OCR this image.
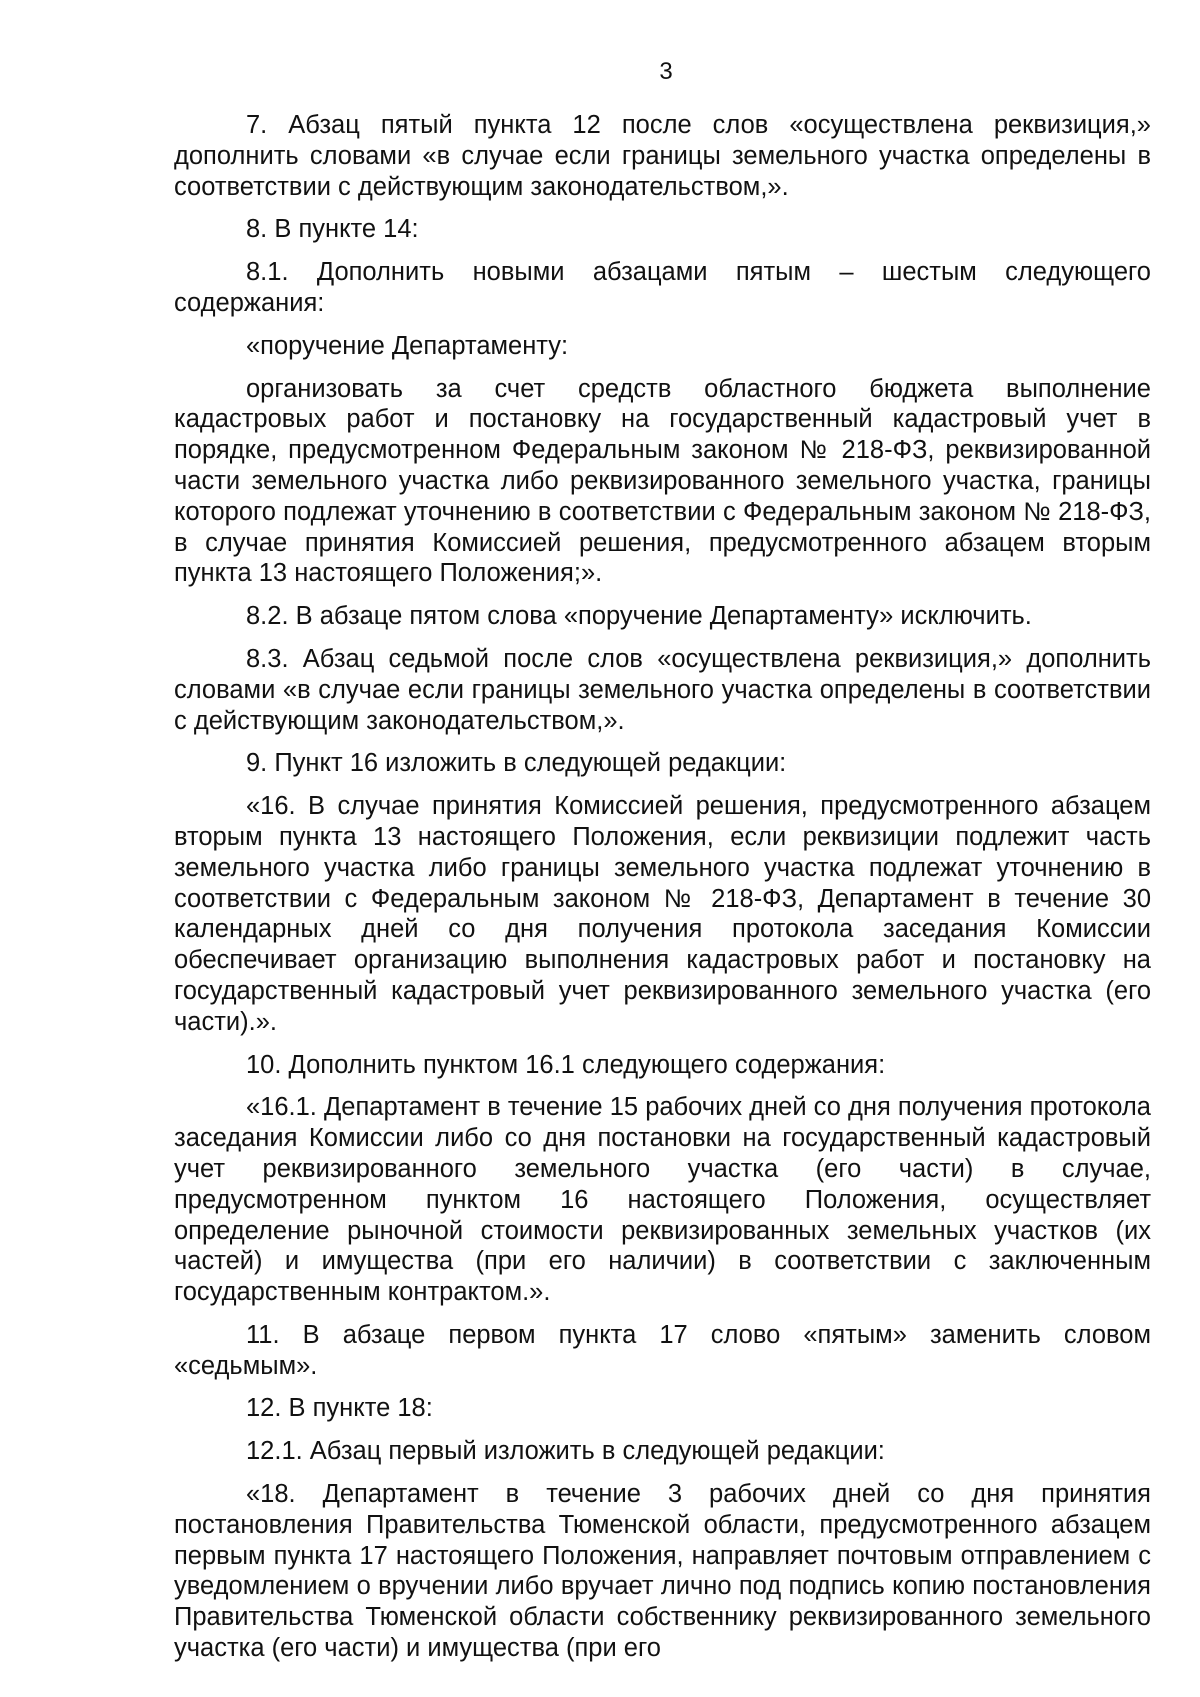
3

7. Абзац пятый пункта 12 после слов «осуществлена реквизиция,» дополнить словами «в случае если границы земельного участка определены в соответствии с действующим законодательством,».

8. В пункте 14:

8.1. Дополнить новыми абзацами пятым – шестым следующего содержания:

«поручение Департаменту:

организовать за счет средств областного бюджета выполнение кадастровых работ и постановку на государственный кадастровый учет в порядке, предусмотренном Федеральным законом № 218-ФЗ, реквизированной части земельного участка либо реквизированного земельного участка, границы которого подлежат уточнению в соответствии с Федеральным законом № 218-ФЗ, в случае принятия Комиссией решения, предусмотренного абзацем вторым пункта 13 настоящего Положения;».

8.2. В абзаце пятом слова «поручение Департаменту» исключить.

8.3. Абзац седьмой после слов «осуществлена реквизиция,» дополнить словами «в случае если границы земельного участка определены в соответствии с действующим законодательством,».

9. Пункт 16 изложить в следующей редакции:

«16. В случае принятия Комиссией решения, предусмотренного абзацем вторым пункта 13 настоящего Положения, если реквизиции подлежит часть земельного участка либо границы земельного участка подлежат уточнению в соответствии с Федеральным законом № 218-ФЗ, Департамент в течение 30 календарных дней со дня получения протокола заседания Комиссии обеспечивает организацию выполнения кадастровых работ и постановку на государственный кадастровый учет реквизированного земельного участка (его части).».

10. Дополнить пунктом 16.1 следующего содержания:

«16.1. Департамент в течение 15 рабочих дней со дня получения протокола заседания Комиссии либо со дня постановки на государственный кадастровый учет реквизированного земельного участка (его части) в случае, предусмотренном пунктом 16 настоящего Положения, осуществляет определение рыночной стоимости реквизированных земельных участков (их частей) и имущества (при его наличии) в соответствии с заключенным государственным контрактом.».

11. В абзаце первом пункта 17 слово «пятым» заменить словом «седьмым».

12. В пункте 18:

12.1. Абзац первый изложить в следующей редакции:

«18. Департамент в течение 3 рабочих дней со дня принятия постановления Правительства Тюменской области, предусмотренного абзацем первым пункта 17 настоящего Положения, направляет почтовым отправлением с уведомлением о вручении либо вручает лично под подпись копию постановления Правительства Тюменской области собственнику реквизированного земельного участка (его части) и имущества (при его
